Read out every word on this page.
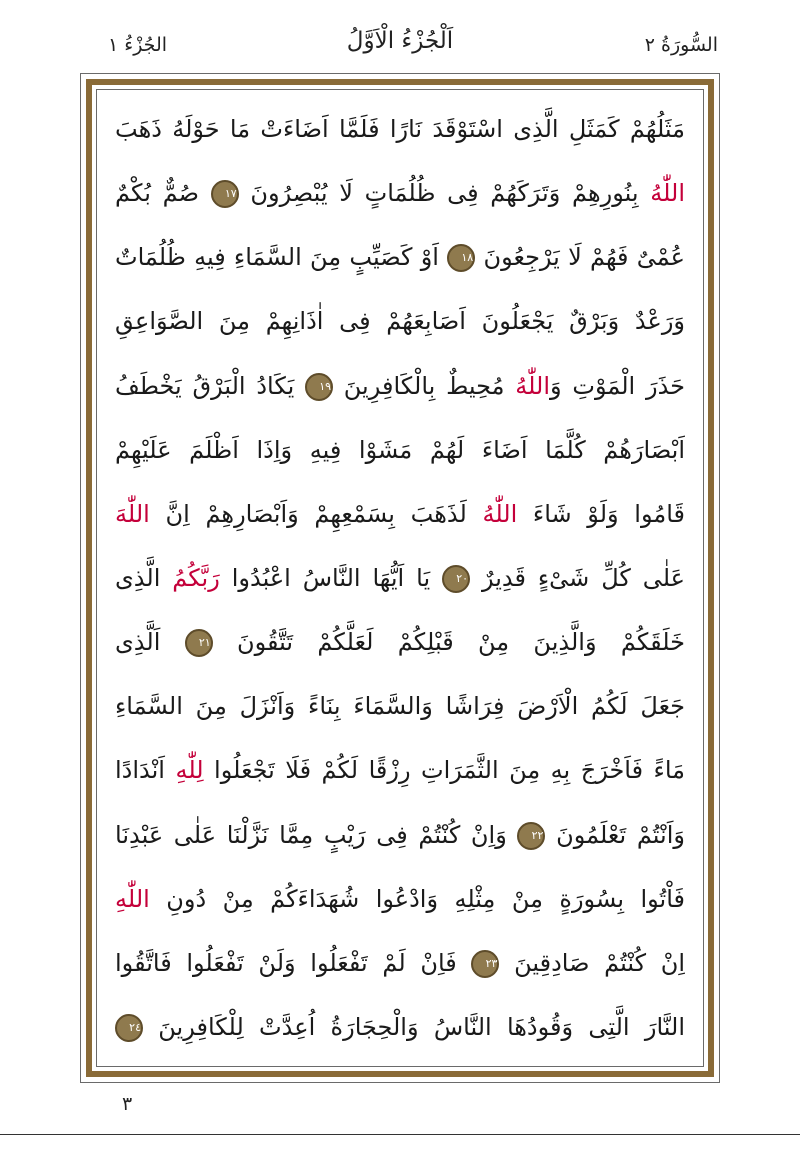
السُّورَةُ ٢
اَلْجُزْءُ الْاَوَّلُ
الجُزْءُ ١
مَثَلُهُمْ كَمَثَلِ الَّذِى اسْتَوْقَدَ نَارًا فَلَمَّا اَضَاءَتْ مَا حَوْلَهُ ذَهَبَ
اللّٰهُ بِنُورِهِمْ وَتَرَكَهُمْ فِى ظُلُمَاتٍ لَا يُبْصِرُونَ ١٧ صُمٌّ بُكْمٌ
عُمْىٌ فَهُمْ لَا يَرْجِعُونَ ١٨ اَوْ كَصَيِّبٍ مِنَ السَّمَاءِ فِيهِ ظُلُمَاتٌ
وَرَعْدٌ وَبَرْقٌ يَجْعَلُونَ اَصَابِعَهُمْ فِى اٰذَانِهِمْ مِنَ الصَّوَاعِقِ
حَذَرَ الْمَوْتِ وَاللّٰهُ مُحِيطٌ بِالْكَافِرِينَ ١٩ يَكَادُ الْبَرْقُ يَخْطَفُ
اَبْصَارَهُمْ كُلَّمَا اَضَاءَ لَهُمْ مَشَوْا فِيهِ وَاِذَا اَظْلَمَ عَلَيْهِمْ
قَامُوا وَلَوْ شَاءَ اللّٰهُ لَذَهَبَ بِسَمْعِهِمْ وَاَبْصَارِهِمْ اِنَّ اللّٰهَ
عَلٰى كُلِّ شَىْءٍ قَدِيرٌ ٢٠ يَا اَيُّهَا النَّاسُ اعْبُدُوا رَبَّكُمُ الَّذِى
خَلَقَكُمْ وَالَّذِينَ مِنْ قَبْلِكُمْ لَعَلَّكُمْ تَتَّقُونَ ٢١ اَلَّذِى
جَعَلَ لَكُمُ الْاَرْضَ فِرَاشًا وَالسَّمَاءَ بِنَاءً وَاَنْزَلَ مِنَ السَّمَاءِ
مَاءً فَاَخْرَجَ بِهِ مِنَ الثَّمَرَاتِ رِزْقًا لَكُمْ فَلَا تَجْعَلُوا لِلّٰهِ اَنْدَادًا
وَاَنْتُمْ تَعْلَمُونَ ٢٢ وَاِنْ كُنْتُمْ فِى رَيْبٍ مِمَّا نَزَّلْنَا عَلٰى عَبْدِنَا
فَاْتُوا بِسُورَةٍ مِنْ مِثْلِهِ وَادْعُوا شُهَدَاءَكُمْ مِنْ دُونِ اللّٰهِ
اِنْ كُنْتُمْ صَادِقِينَ ٢٣ فَاِنْ لَمْ تَفْعَلُوا وَلَنْ تَفْعَلُوا فَاتَّقُوا
النَّارَ الَّتِى وَقُودُهَا النَّاسُ وَالْحِجَارَةُ اُعِدَّتْ لِلْكَافِرِينَ ٢٤
٣
